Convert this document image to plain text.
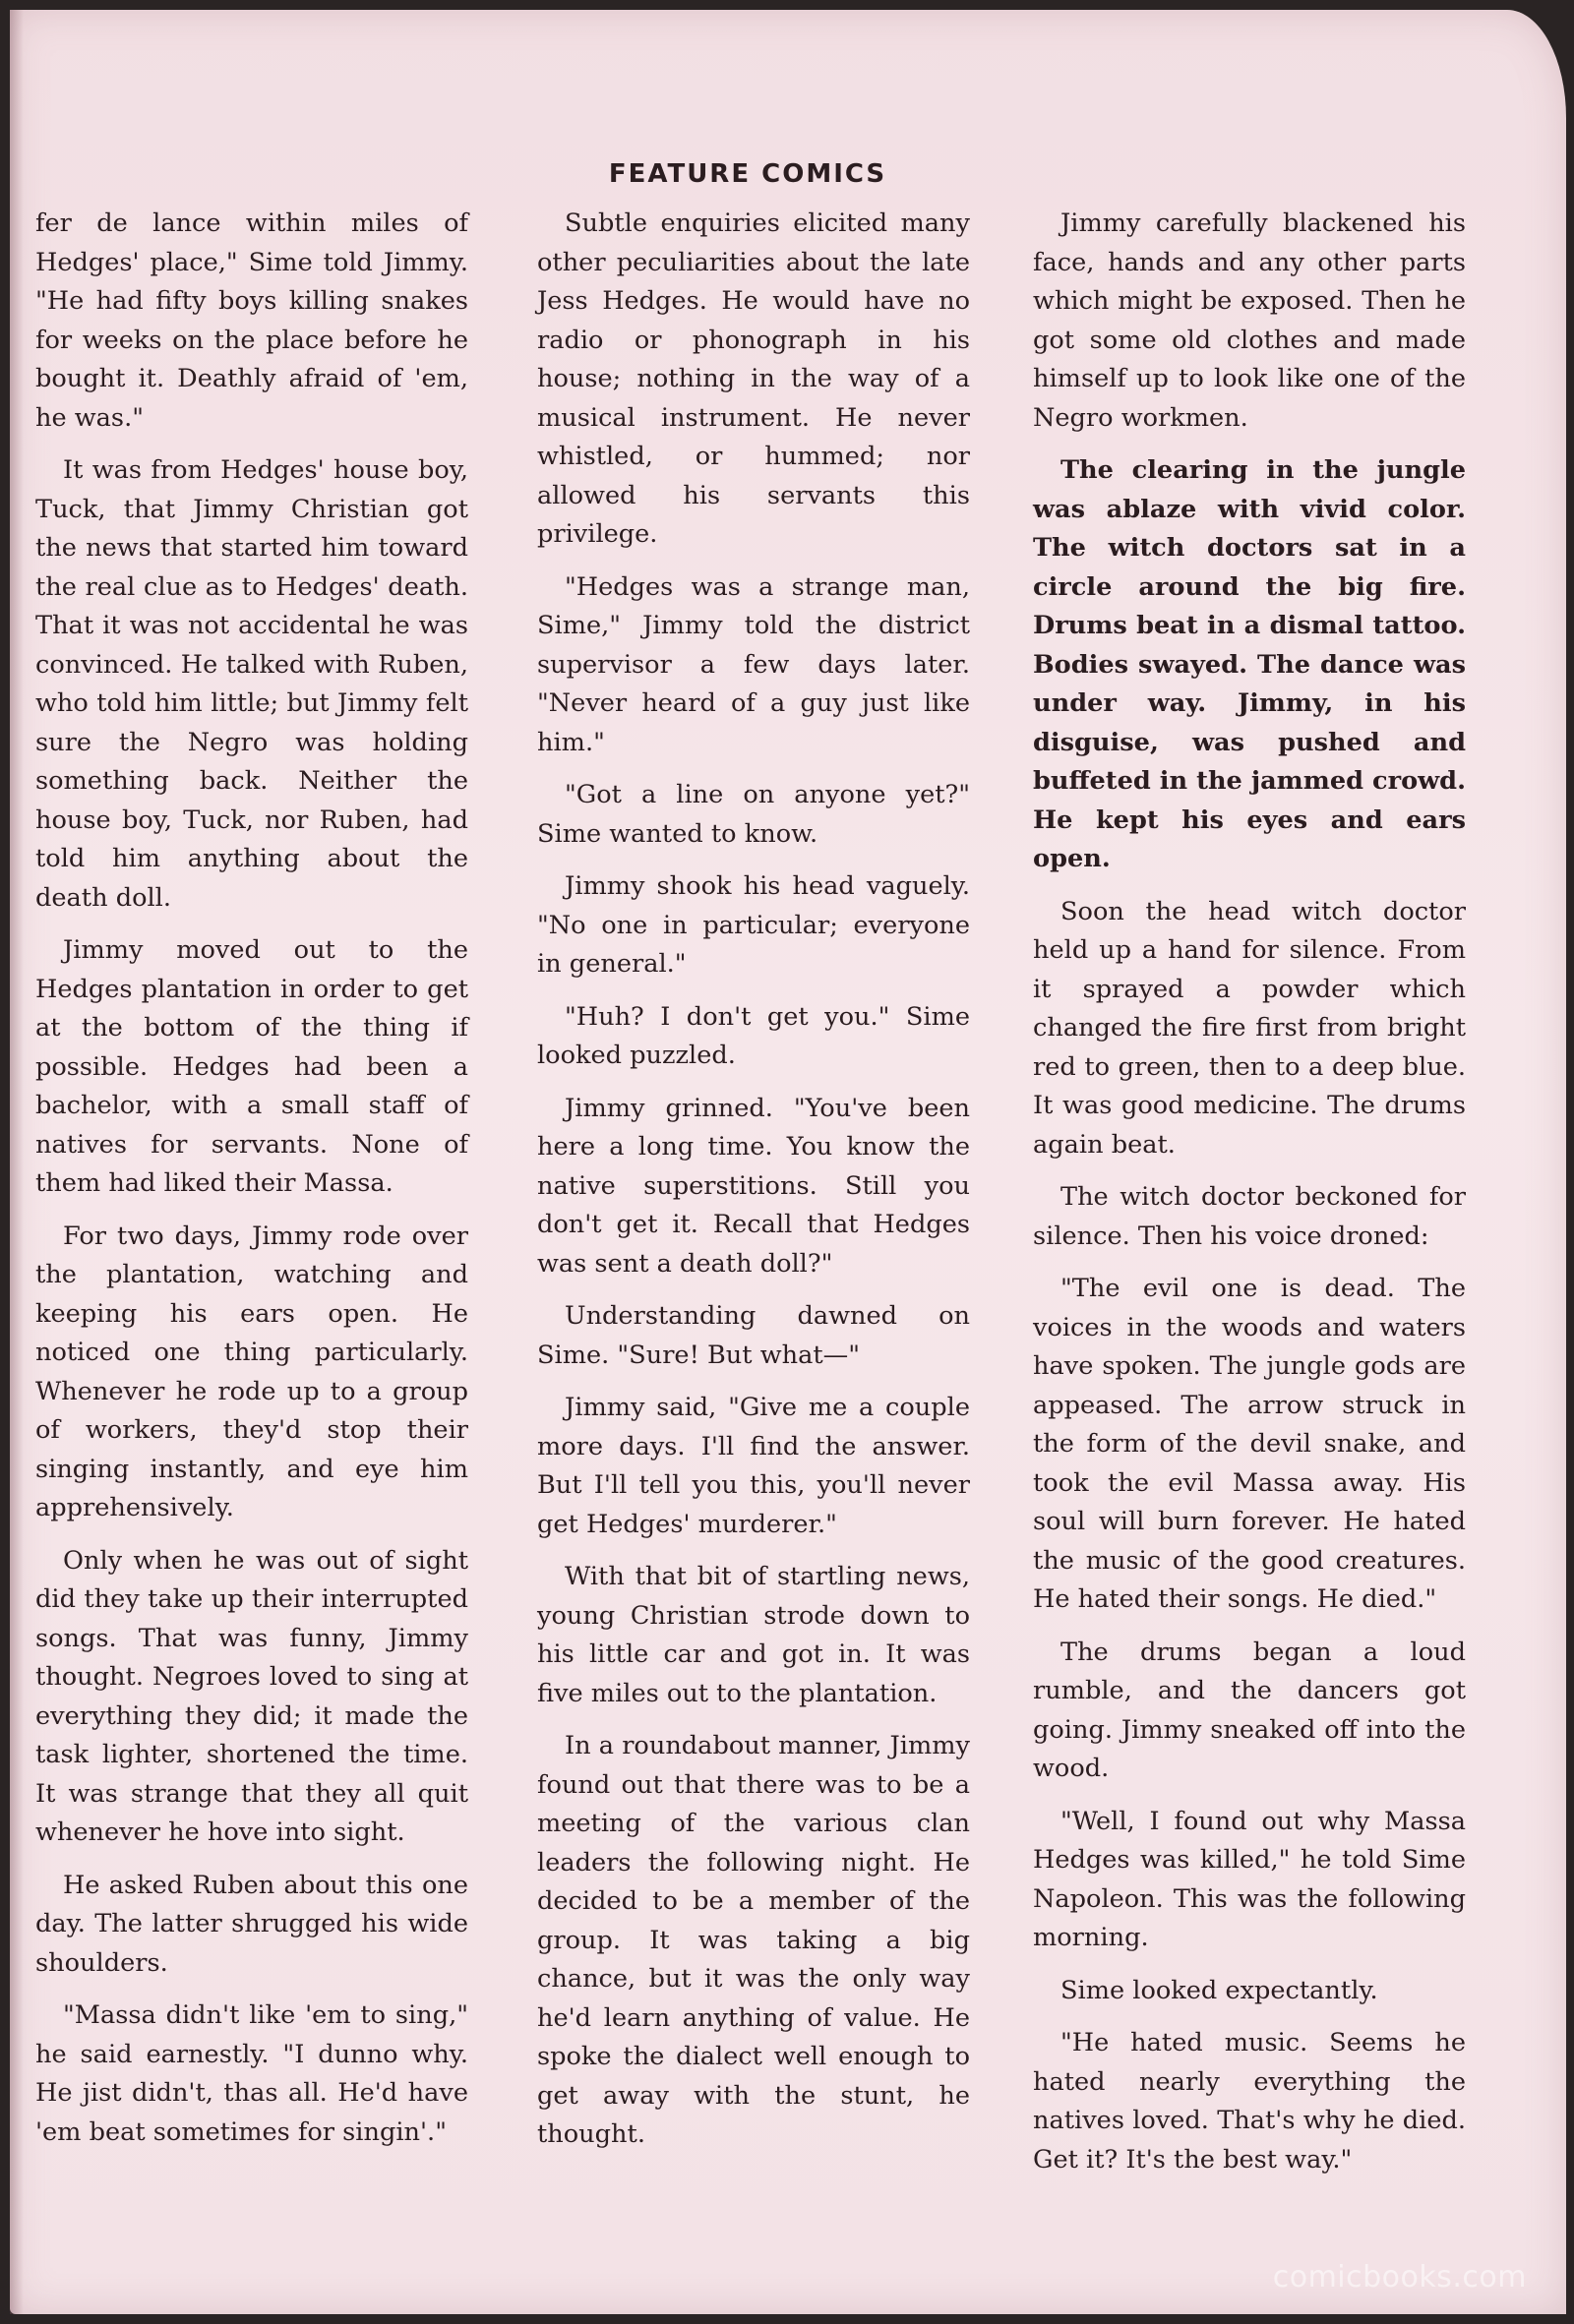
FEATURE COMICS

fer de lance within miles of Hedges' place," Sime told Jimmy. "He had fifty boys killing snakes for weeks on the place before he bought it. Deathly afraid of 'em, he was."

It was from Hedges' house boy, Tuck, that Jimmy Christian got the news that started him toward the real clue as to Hedges' death. That it was not accidental he was convinced. He talked with Ruben, who told him little; but Jimmy felt sure the Negro was holding something back. Neither the house boy, Tuck, nor Ruben, had told him anything about the death doll.

Jimmy moved out to the Hedges plantation in order to get at the bottom of the thing if possible. Hedges had been a bachelor, with a small staff of natives for servants. None of them had liked their Massa.

For two days, Jimmy rode over the plantation, watching and keeping his ears open. He noticed one thing particularly. Whenever he rode up to a group of workers, they'd stop their singing instantly, and eye him apprehensively.

Only when he was out of sight did they take up their interrupted songs. That was funny, Jimmy thought. Negroes loved to sing at everything they did; it made the task lighter, shortened the time. It was strange that they all quit whenever he hove into sight.

He asked Ruben about this one day. The latter shrugged his wide shoulders.

"Massa didn't like 'em to sing," he said earnestly. "I dunno why. He jist didn't, thas all. He'd have 'em beat sometimes for singin'."

Subtle enquiries elicited many other peculiarities about the late Jess Hedges. He would have no radio or phonograph in his house; nothing in the way of a musical instrument. He never whistled, or hummed; nor allowed his servants this privilege.

"Hedges was a strange man, Sime," Jimmy told the district supervisor a few days later. "Never heard of a guy just like him."

"Got a line on anyone yet?" Sime wanted to know.

Jimmy shook his head vaguely. "No one in particular; everyone in general."

"Huh? I don't get you." Sime looked puzzled.

Jimmy grinned. "You've been here a long time. You know the native superstitions. Still you don't get it. Recall that Hedges was sent a death doll?"

Understanding dawned on Sime. "Sure! But what—"

Jimmy said, "Give me a couple more days. I'll find the answer. But I'll tell you this, you'll never get Hedges' murderer."

With that bit of startling news, young Christian strode down to his little car and got in. It was five miles out to the plantation.

In a roundabout manner, Jimmy found out that there was to be a meeting of the various clan leaders the following night. He decided to be a member of the group. It was taking a big chance, but it was the only way he'd learn anything of value. He spoke the dialect well enough to get away with the stunt, he thought.

Jimmy carefully blackened his face, hands and any other parts which might be exposed. Then he got some old clothes and made himself up to look like one of the Negro workmen.

The clearing in the jungle was ablaze with vivid color. The witch doctors sat in a circle around the big fire. Drums beat in a dismal tattoo. Bodies swayed. The dance was under way. Jimmy, in his disguise, was pushed and buffeted in the jammed crowd. He kept his eyes and ears open.

Soon the head witch doctor held up a hand for silence. From it sprayed a powder which changed the fire first from bright red to green, then to a deep blue. It was good medicine. The drums again beat.

The witch doctor beckoned for silence. Then his voice droned:

"The evil one is dead. The voices in the woods and waters have spoken. The jungle gods are appeased. The arrow struck in the form of the devil snake, and took the evil Massa away. His soul will burn forever. He hated the music of the good creatures. He hated their songs. He died."

The drums began a loud rumble, and the dancers got going. Jimmy sneaked off into the wood.

"Well, I found out why Massa Hedges was killed," he told Sime Napoleon. This was the following morning.

Sime looked expectantly.

"He hated music. Seems he hated nearly everything the natives loved. That's why he died. Get it? It's the best way."

comicbooks.com
